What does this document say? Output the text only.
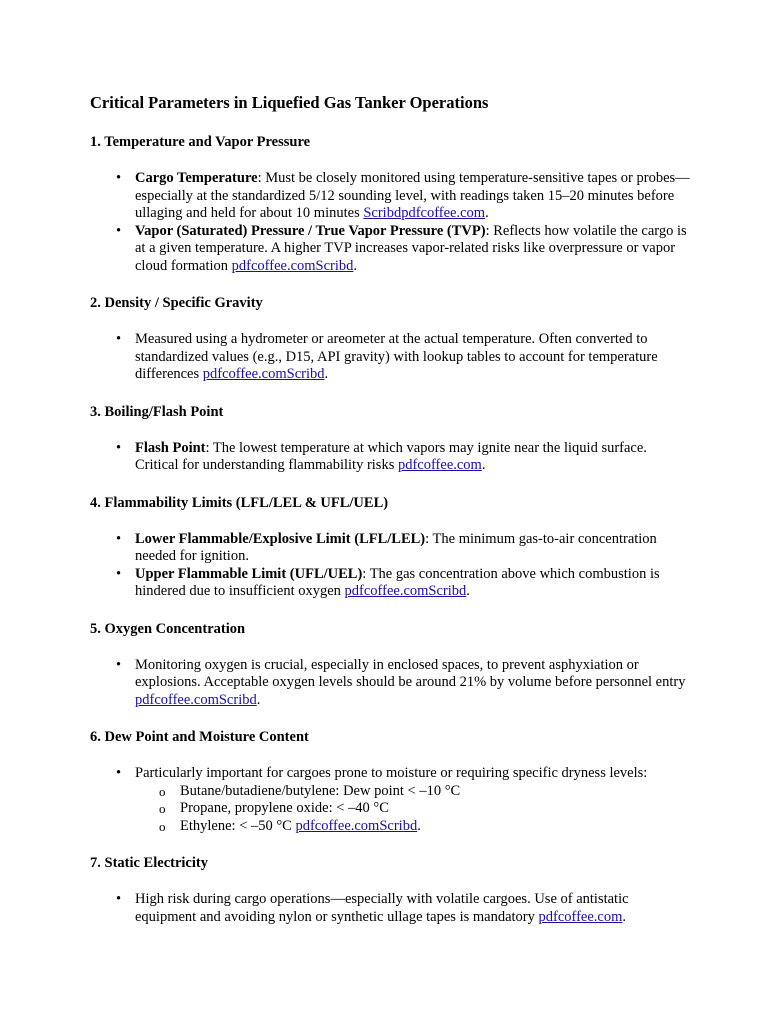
Critical Parameters in Liquefied Gas Tanker Operations
1. Temperature and Vapor Pressure
• Cargo Temperature: Must be closely monitored using temperature-sensitive tapes or probes—especially at the standardized 5/12 sounding level, with readings taken 15–20 minutes before ullaging and held for about 10 minutes Scribdpdfcoffee.com.
• Vapor (Saturated) Pressure / True Vapor Pressure (TVP): Reflects how volatile the cargo is at a given temperature. A higher TVP increases vapor-related risks like overpressure or vapor cloud formation pdfcoffee.comScribd.
2. Density / Specific Gravity
• Measured using a hydrometer or areometer at the actual temperature. Often converted to standardized values (e.g., D15, API gravity) with lookup tables to account for temperature differences pdfcoffee.comScribd.
3. Boiling/Flash Point
• Flash Point: The lowest temperature at which vapors may ignite near the liquid surface. Critical for understanding flammability risks pdfcoffee.com.
4. Flammability Limits (LFL/LEL & UFL/UEL)
• Lower Flammable/Explosive Limit (LFL/LEL): The minimum gas-to-air concentration needed for ignition.
• Upper Flammable Limit (UFL/UEL): The gas concentration above which combustion is hindered due to insufficient oxygen pdfcoffee.comScribd.
5. Oxygen Concentration
• Monitoring oxygen is crucial, especially in enclosed spaces, to prevent asphyxiation or explosions. Acceptable oxygen levels should be around 21% by volume before personnel entry pdfcoffee.comScribd.
6. Dew Point and Moisture Content
• Particularly important for cargoes prone to moisture or requiring specific dryness levels:
o Butane/butadiene/butylene: Dew point < –10 °C
o Propane, propylene oxide: < –40 °C
o Ethylene: < –50 °C pdfcoffee.comScribd.
7. Static Electricity
• High risk during cargo operations—especially with volatile cargoes. Use of antistatic equipment and avoiding nylon or synthetic ullage tapes is mandatory pdfcoffee.com.
